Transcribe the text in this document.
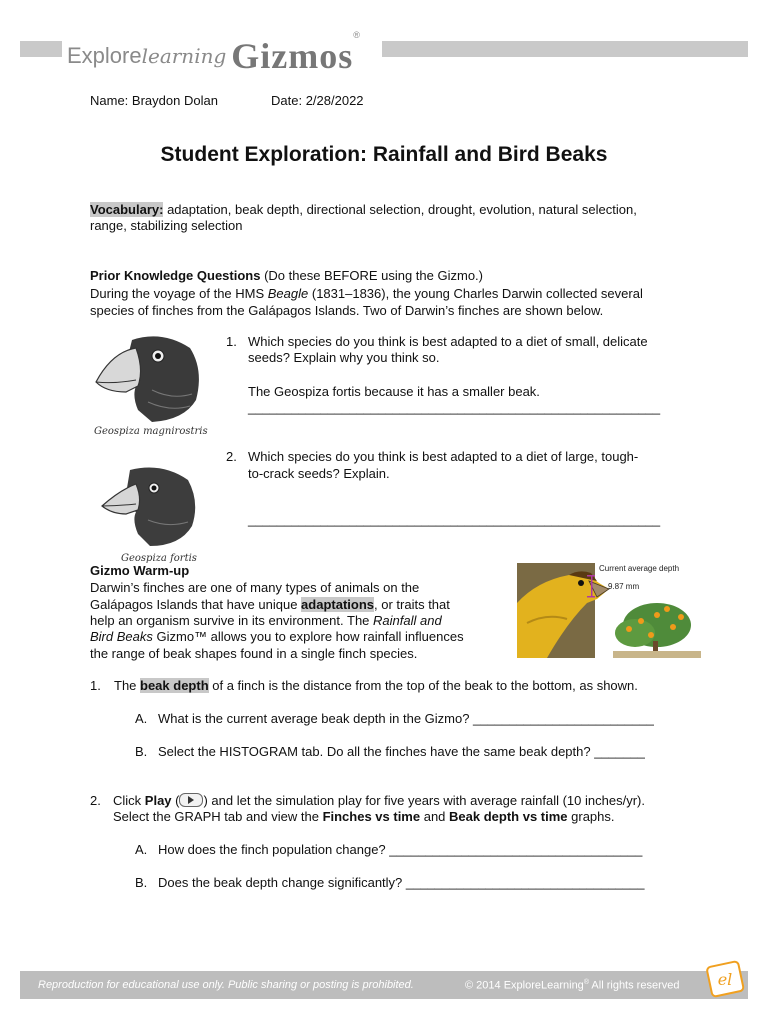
Explorelearning Gizmos®
Name: Braydon Dolan	Date: 2/28/2022
Student Exploration: Rainfall and Bird Beaks
Vocabulary: adaptation, beak depth, directional selection, drought, evolution, natural selection,
range, stabilizing selection
Prior Knowledge Questions (Do these BEFORE using the Gizmo.)
During the voyage of the HMS Beagle (1831–1836), the young Charles Darwin collected several
species of finches from the Galápagos Islands. Two of Darwin’s finches are shown below.
Geospiza magnirostris
Geospiza fortis
1. Which species do you think is best adapted to a diet of small, delicate
seeds? Explain why you think so.
The Geospiza fortis because it has a smaller beak.
_________________________________________________________
2. Which species do you think is best adapted to a diet of large, tough-
to-crack seeds? Explain.
_________________________________________________________
Gizmo Warm-up
Darwin’s finches are one of many types of animals on the
Galápagos Islands that have unique adaptations, or traits that
help an organism survive in its environment. The Rainfall and
Bird Beaks Gizmo™ allows you to explore how rainfall influences
the range of beak shapes found in a single finch species.
Current average depth
9.87 mm
1. The beak depth of a finch is the distance from the top of the beak to the bottom, as shown.
A. What is the current average beak depth in the Gizmo? _________________________
B. Select the HISTOGRAM tab. Do all the finches have the same beak depth? _______
2. Click Play ( ) and let the simulation play for five years with average rainfall (10 inches/yr).
Select the GRAPH tab and view the Finches vs time and Beak depth vs time graphs.
A. How does the finch population change? ___________________________________
B. Does the beak depth change significantly? _________________________________
Reproduction for educational use only. Public sharing or posting is prohibited.	© 2014 ExploreLearning® All rights reserved el
